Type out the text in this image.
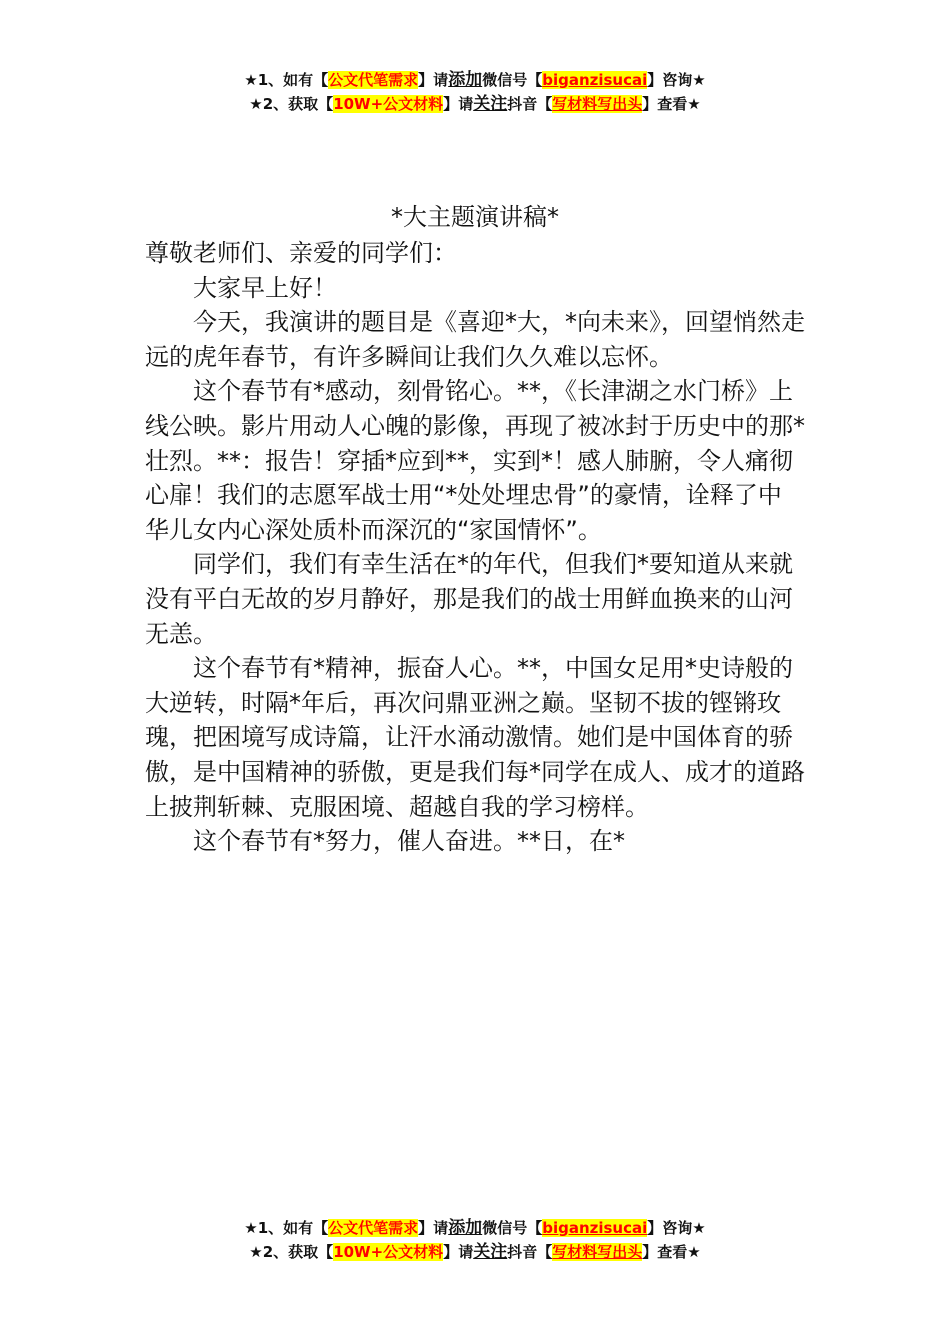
★1、如有【公文代笔需求】请添加微信号【biganzisucai】咨询★
★2、获取【10W+公文材料】请关注抖音【写材料写出头】查看★
*大主题演讲稿*

尊敬老师们、亲爱的同学们：

大家早上好！

今天，我演讲的题目是《喜迎*大，*向未来》，回望悄然走远的虎年春节，有许多瞬间让我们久久难以忘怀。

这个春节有*感动，刻骨铭心。**，《长津湖之水门桥》上线公映。影片用动人心魄的影像，再现了被冰封于历史中的那*壮烈。**：报告！穿插*应到**，实到*！感人肺腑，令人痛彻心扉！我们的志愿军战士用“*处处埋忠骨”的豪情，诠释了中华儿女内心深处质朴而深沉的“家国情怀”。

同学们，我们有幸生活在*的年代，但我们*要知道从来就没有平白无故的岁月静好，那是我们的战士用鲜血换来的山河无恙。

这个春节有*精神，振奋人心。**，中国女足用*史诗般的大逆转，时隔*年后，再次问鼎亚洲之巅。坚韧不拔的铿锵玫瑰，把困境写成诗篇，让汗水涌动激情。她们是中国体育的骄傲，是中国精神的骄傲，更是我们每*同学在成人、成才的道路上披荆斩棘、克服困境、超越自我的学习榜样。

这个春节有*努力，催人奋进。**日，在*

★1、如有【公文代笔需求】请添加微信号【biganzisucai】咨询★
★2、获取【10W+公文材料】请关注抖音【写材料写出头】查看★
